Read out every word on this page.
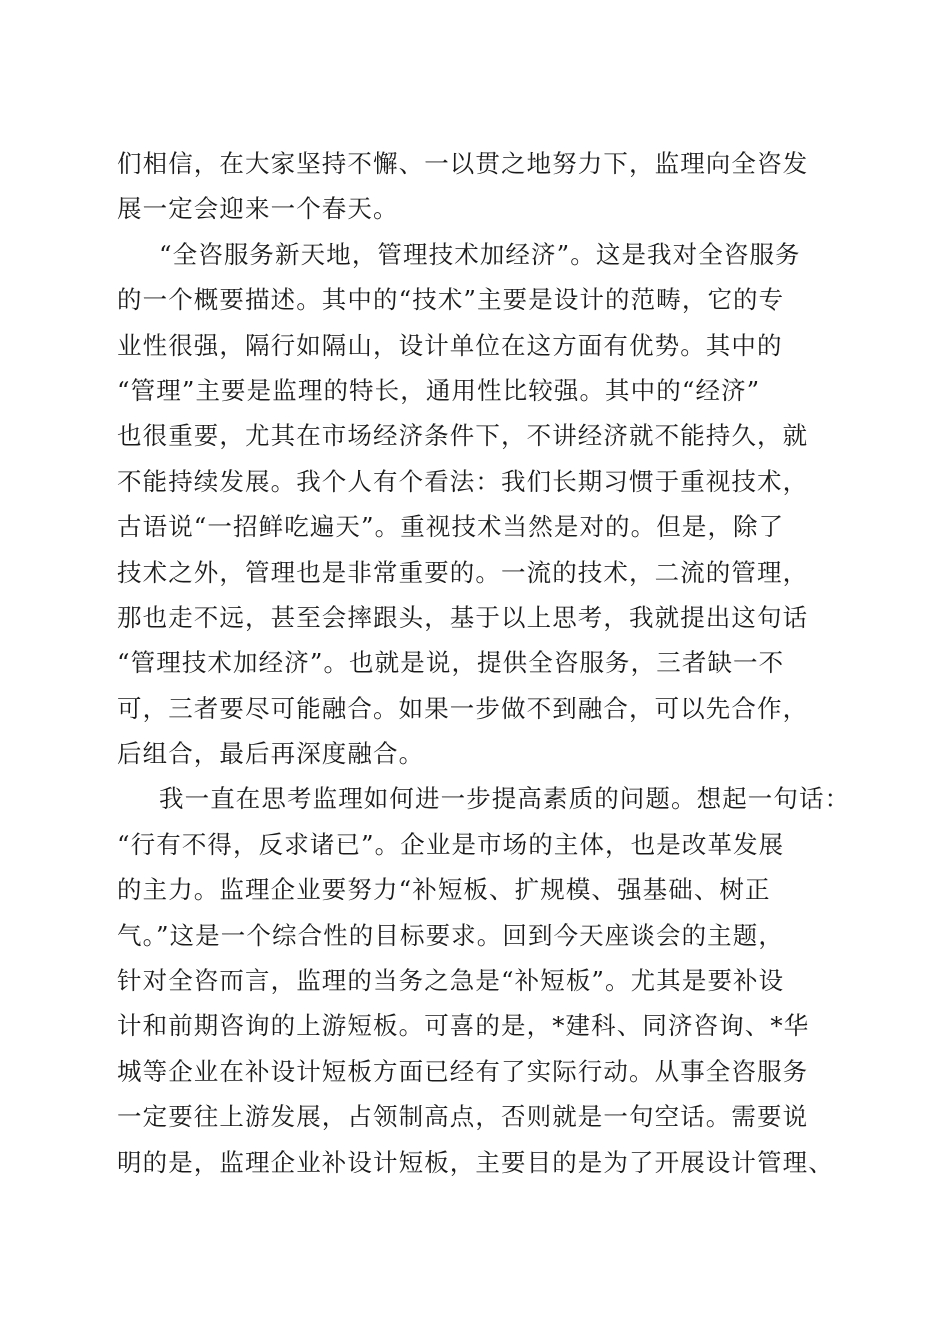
们相信，在大家坚持不懈、一以贯之地努力下，监理向全咨发
展一定会迎来一个春天。
“全咨服务新天地，管理技术加经济”。这是我对全咨服务
的一个概要描述。其中的“技术”主要是设计的范畴，它的专
业性很强，隔行如隔山，设计单位在这方面有优势。其中的
“管理”主要是监理的特长，通用性比较强。其中的“经济”
也很重要，尤其在市场经济条件下，不讲经济就不能持久，就
不能持续发展。我个人有个看法：我们长期习惯于重视技术，
古语说“一招鲜吃遍天”。重视技术当然是对的。但是，除了
技术之外，管理也是非常重要的。一流的技术，二流的管理，
那也走不远，甚至会摔跟头，基于以上思考，我就提出这句话
“管理技术加经济”。也就是说，提供全咨服务，三者缺一不
可，三者要尽可能融合。如果一步做不到融合，可以先合作，
后组合，最后再深度融合。
我一直在思考监理如何进一步提高素质的问题。想起一句话：
“行有不得，反求诸已”。企业是市场的主体，也是改革发展
的主力。监理企业要努力“补短板、扩规模、强基础、树正
气。”这是一个综合性的目标要求。回到今天座谈会的主题，
针对全咨而言，监理的当务之急是“补短板”。尤其是要补设
计和前期咨询的上游短板。可喜的是，*建科、同济咨询、*华
城等企业在补设计短板方面已经有了实际行动。从事全咨服务
一定要往上游发展，占领制高点，否则就是一句空话。需要说
明的是，监理企业补设计短板，主要目的是为了开展设计管理、
